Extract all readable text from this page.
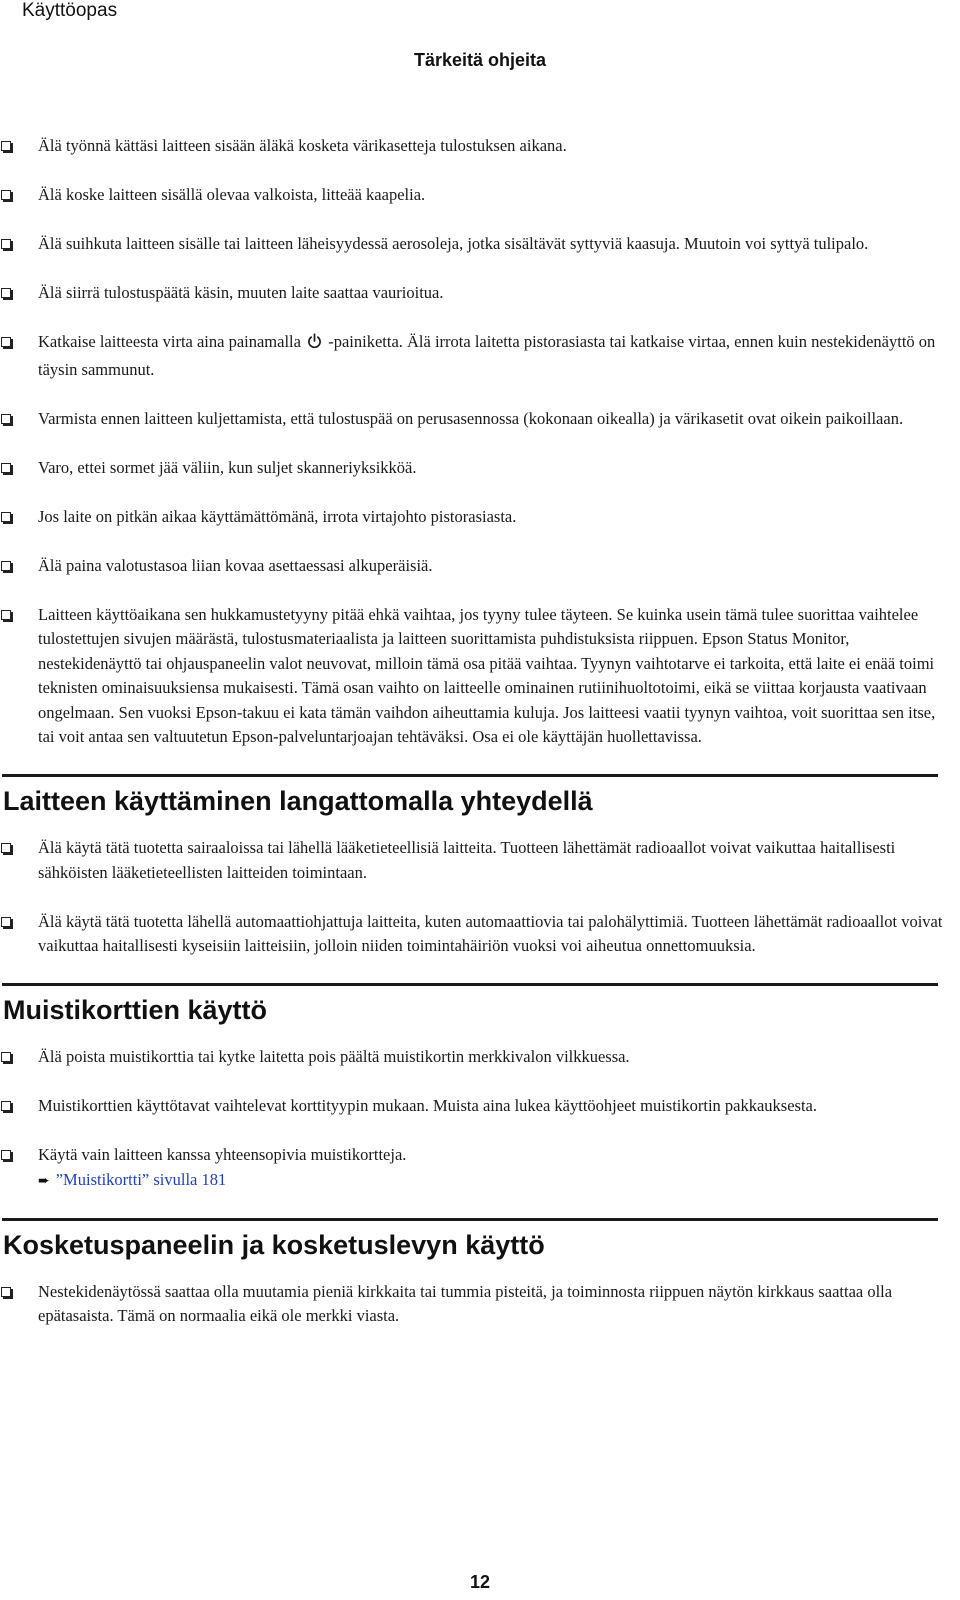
Käyttöopas
Tärkeitä ohjeita
Älä työnnä kättäsi laitteen sisään äläkä kosketa värikasetteja tulostuksen aikana.
Älä koske laitteen sisällä olevaa valkoista, litteää kaapelia.
Älä suihkuta laitteen sisälle tai laitteen läheisyydessä aerosoleja, jotka sisältävät syttyviä kaasuja. Muutoin voi syttyä tulipalo.
Älä siirrä tulostuspäätä käsin, muuten laite saattaa vaurioitua.
Katkaise laitteesta virta aina painamalla -painiketta. Älä irrota laitetta pistorasiasta tai katkaise virtaa, ennen kuin nestekidenäyttö on täysin sammunut.
Varmista ennen laitteen kuljettamista, että tulostuspää on perusasennossa (kokonaan oikealla) ja värikasetit ovat oikein paikoillaan.
Varo, ettei sormet jää väliin, kun suljet skanneriyksikköä.
Jos laite on pitkän aikaa käyttämättömänä, irrota virtajohto pistorasiasta.
Älä paina valotustasoa liian kovaa asettaessasi alkuperäisiä.
Laitteen käyttöaikana sen hukkamustetyyny pitää ehkä vaihtaa, jos tyyny tulee täyteen. Se kuinka usein tämä tulee suorittaa vaihtelee tulostettujen sivujen määrästä, tulostusmateriaalista ja laitteen suorittamista puhdistuksista riippuen. Epson Status Monitor, nestekidenäyttö tai ohjauspaneelin valot neuvovat, milloin tämä osa pitää vaihtaa. Tyynyn vaihtotarve ei tarkoita, että laite ei enää toimi teknisten ominaisuuksiensa mukaisesti. Tämä osan vaihto on laitteelle ominainen rutiinihuoltotoimi, eikä se viittaa korjausta vaativaan ongelmaan. Sen vuoksi Epson-takuu ei kata tämän vaihdon aiheuttamia kuluja. Jos laitteesi vaatii tyynyn vaihtoa, voit suorittaa sen itse, tai voit antaa sen valtuutetun Epson-palveluntarjoajan tehtäväksi. Osa ei ole käyttäjän huollettavissa.
Laitteen käyttäminen langattomalla yhteydellä
Älä käytä tätä tuotetta sairaaloissa tai lähellä lääketieteellisiä laitteita. Tuotteen lähettämät radioaallot voivat vaikuttaa haitallisesti sähköisten lääketieteellisten laitteiden toimintaan.
Älä käytä tätä tuotetta lähellä automaattiohjattuja laitteita, kuten automaattiovia tai palohälyttimiä. Tuotteen lähettämät radioaallot voivat vaikuttaa haitallisesti kyseisiin laitteisiin, jolloin niiden toimintahäiriön vuoksi voi aiheutua onnettomuuksia.
Muistikorttien käyttö
Älä poista muistikorttia tai kytke laitetta pois päältä muistikortin merkkivalon vilkkuessa.
Muistikorttien käyttötavat vaihtelevat korttityypin mukaan. Muista aina lukea käyttöohjeet muistikortin pakkauksesta.
Käytä vain laitteen kanssa yhteensopivia muistikortteja.
➨ ”Muistikortti” sivulla 181
Kosketuspaneelin ja kosketuslevyn käyttö
Nestekidenäytössä saattaa olla muutamia pieniä kirkkaita tai tummia pisteitä, ja toiminnosta riippuen näytön kirkkaus saattaa olla epätasaista. Tämä on normaalia eikä ole merkki viasta.
12
